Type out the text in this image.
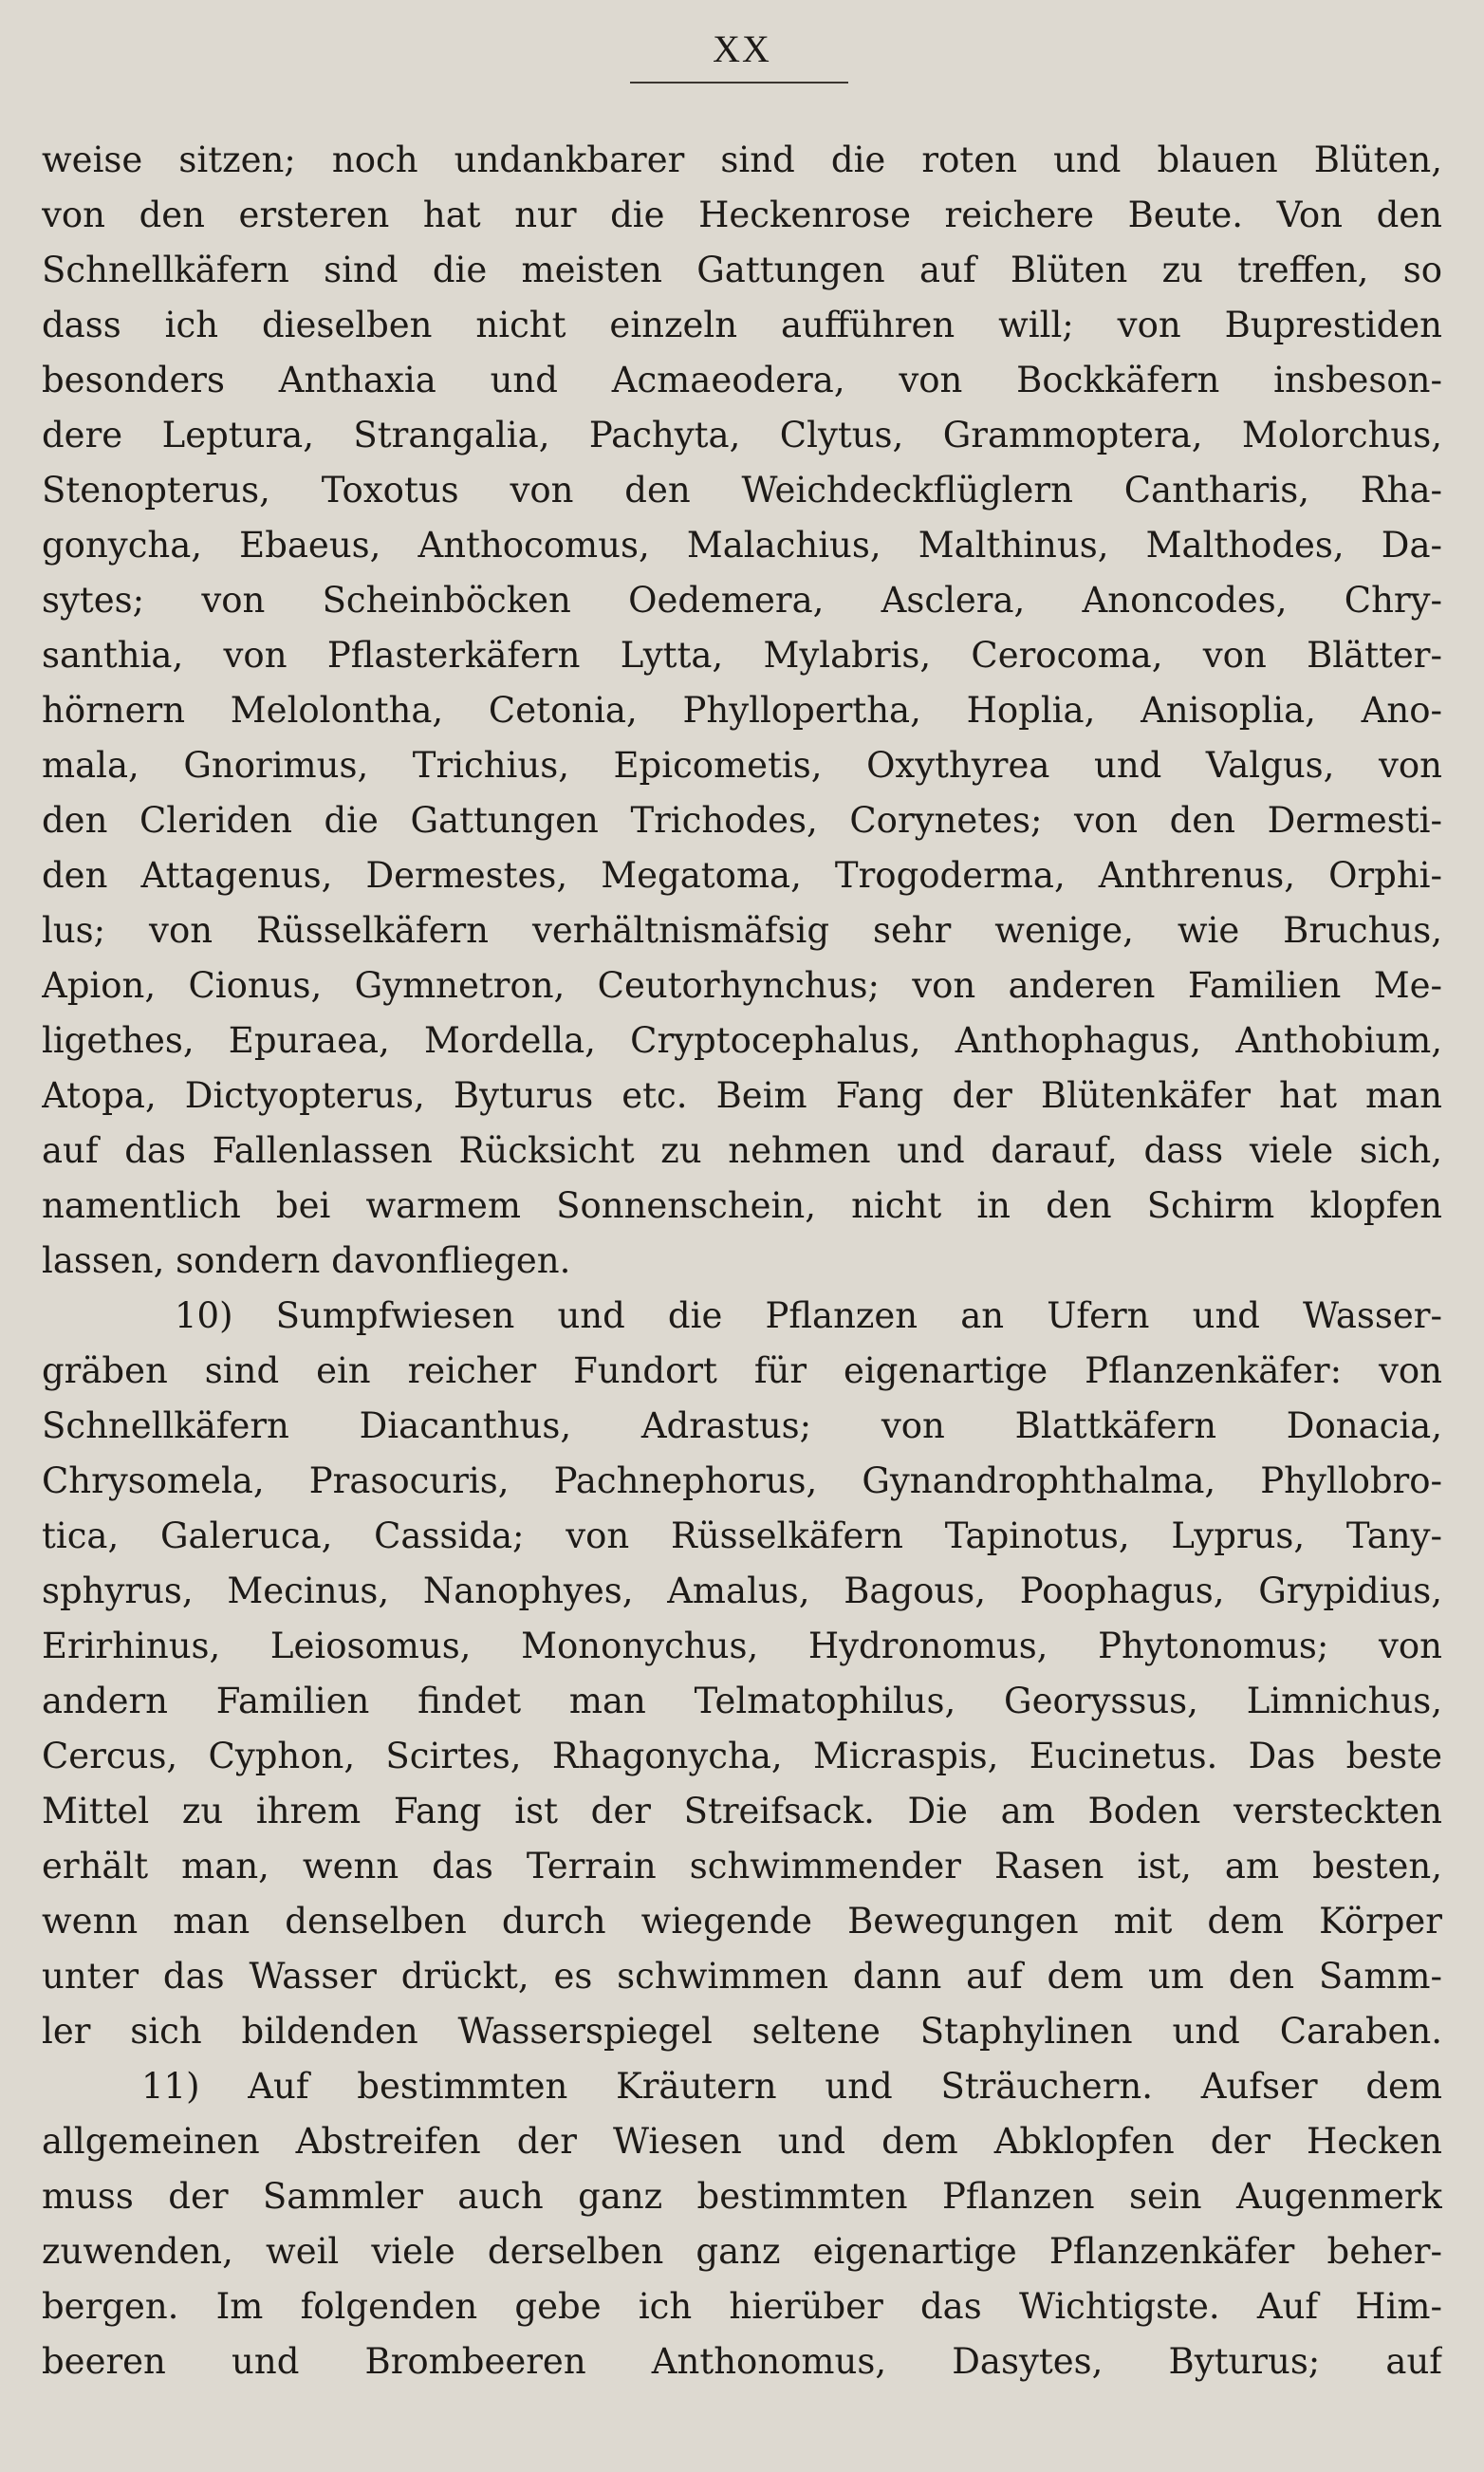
XX
weise sitzen; noch undankbarer sind die roten und blauen Blüten,
von den ersteren hat nur die Heckenrose reichere Beute. Von den
Schnellkäfern sind die meisten Gattungen auf Blüten zu treffen, so
dass ich dieselben nicht einzeln aufführen will; von Buprestiden
besonders Anthaxia und Acmaeodera, von Bockkäfern insbeson-
dere Leptura, Strangalia, Pachyta, Clytus, Grammoptera, Molorchus,
Stenopterus, Toxotus von den Weichdeckflüglern Cantharis, Rha-
gonycha, Ebaeus, Anthocomus, Malachius, Malthinus, Malthodes, Da-
sytes; von Scheinböcken Oedemera, Asclera, Anoncodes, Chry-
santhia, von Pflasterkäfern Lytta, Mylabris, Cerocoma, von Blätter-
hörnern Melolontha, Cetonia, Phyllopertha, Hoplia, Anisoplia, Ano-
mala, Gnorimus, Trichius, Epicometis, Oxythyrea und Valgus, von
den Cleriden die Gattungen Trichodes, Corynetes; von den Dermesti-
den Attagenus, Dermestes, Megatoma, Trogoderma, Anthrenus, Orphi-
lus; von Rüsselkäfern verhältnismäfsig sehr wenige, wie Bruchus,
Apion, Cionus, Gymnetron, Ceutorhynchus; von anderen Familien Me-
ligethes, Epuraea, Mordella, Cryptocephalus, Anthophagus, Anthobium,
Atopa, Dictyopterus, Byturus etc. Beim Fang der Blütenkäfer hat man
auf das Fallenlassen Rücksicht zu nehmen und darauf, dass viele sich,
namentlich bei warmem Sonnenschein, nicht in den Schirm klopfen
lassen, sondern davonfliegen.
10) Sumpfwiesen und die Pflanzen an Ufern und Wasser-
gräben sind ein reicher Fundort für eigenartige Pflanzenkäfer: von
Schnellkäfern Diacanthus, Adrastus; von Blattkäfern Donacia,
Chrysomela, Prasocuris, Pachnephorus, Gynandrophthalma, Phyllobro-
tica, Galeruca, Cassida; von Rüsselkäfern Tapinotus, Lyprus, Tany-
sphyrus, Mecinus, Nanophyes, Amalus, Bagous, Poophagus, Grypidius,
Erirhinus, Leiosomus, Mononychus, Hydronomus, Phytonomus; von
andern Familien findet man Telmatophilus, Georyssus, Limnichus,
Cercus, Cyphon, Scirtes, Rhagonycha, Micraspis, Eucinetus. Das beste
Mittel zu ihrem Fang ist der Streifsack. Die am Boden versteckten
erhält man, wenn das Terrain schwimmender Rasen ist, am besten,
wenn man denselben durch wiegende Bewegungen mit dem Körper
unter das Wasser drückt, es schwimmen dann auf dem um den Samm-
ler sich bildenden Wasserspiegel seltene Staphylinen und Caraben.
11) Auf bestimmten Kräutern und Sträuchern. Aufser dem
allgemeinen Abstreifen der Wiesen und dem Abklopfen der Hecken
muss der Sammler auch ganz bestimmten Pflanzen sein Augenmerk
zuwenden, weil viele derselben ganz eigenartige Pflanzenkäfer beher-
bergen. Im folgenden gebe ich hierüber das Wichtigste. Auf Him-
beeren und Brombeeren Anthonomus, Dasytes, Byturus; auf
